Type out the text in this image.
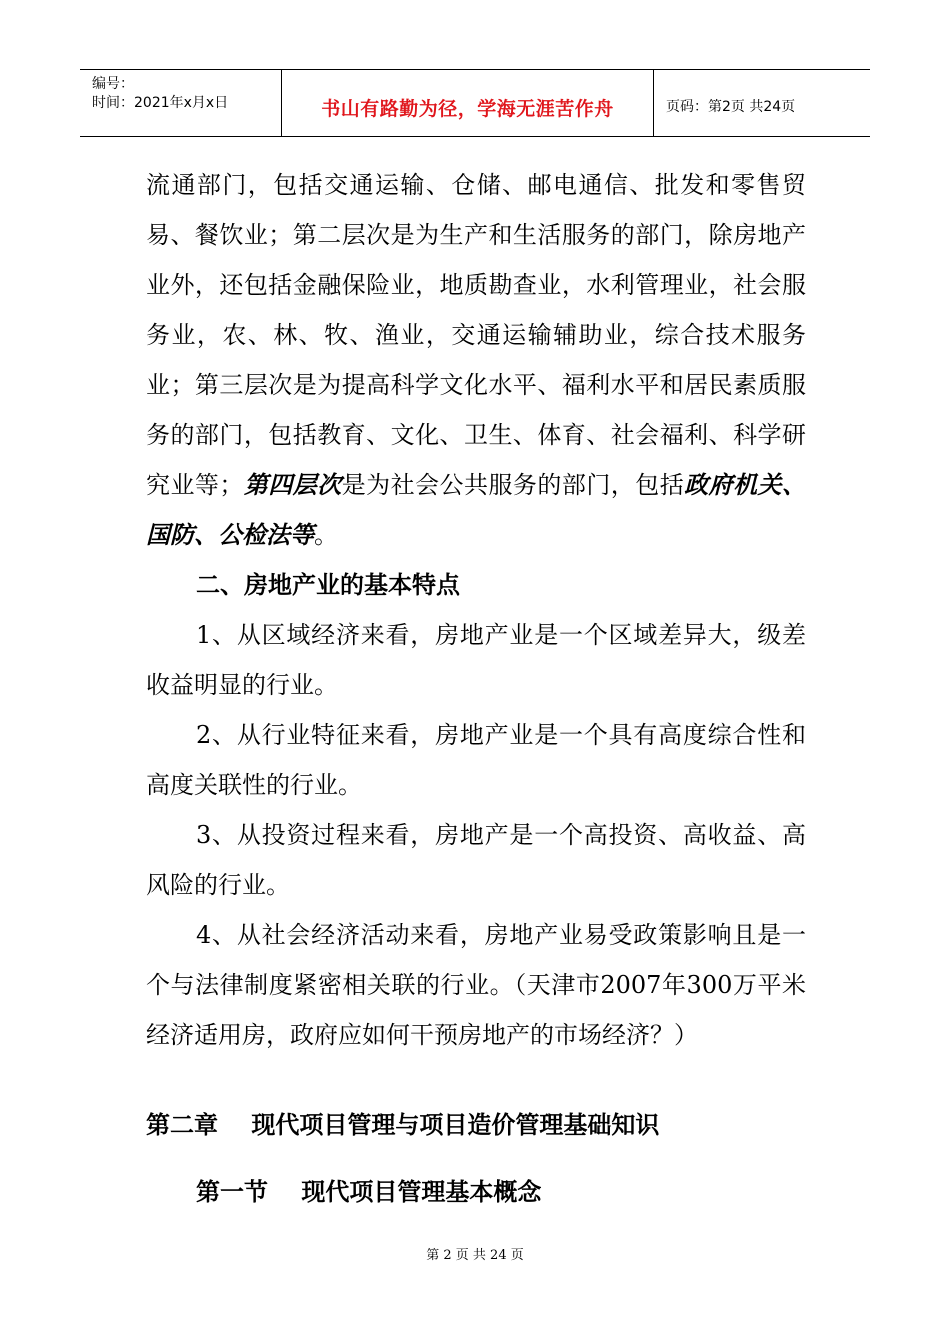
编号：
时间：2021年x月x日	书山有路勤为径，学海无涯苦作舟	页码：第2页 共24页

流通部门，包括交通运输、仓储、邮电通信、批发和零售贸易、餐饮业；第二层次是为生产和生活服务的部门，除房地产业外，还包括金融保险业，地质勘查业，水利管理业，社会服务业，农、林、牧、渔业，交通运输辅助业，综合技术服务业；第三层次是为提高科学文化水平、福利水平和居民素质服务的部门，包括教育、文化、卫生、体育、社会福利、科学研究业等；第四层次是为社会公共服务的部门，包括政府机关、国防、公检法等。

二、房地产业的基本特点

1、从区域经济来看，房地产业是一个区域差异大，级差收益明显的行业。

2、从行业特征来看，房地产业是一个具有高度综合性和高度关联性的行业。

3、从投资过程来看，房地产是一个高投资、高收益、高风险的行业。

4、从社会经济活动来看，房地产业易受政策影响且是一个与法律制度紧密相关联的行业。（天津市2007年300万平米经济适用房，政府应如何干预房地产的市场经济？）

第二章    现代项目管理与项目造价管理基础知识
第一节    现代项目管理基本概念
第 2 页 共 24 页
